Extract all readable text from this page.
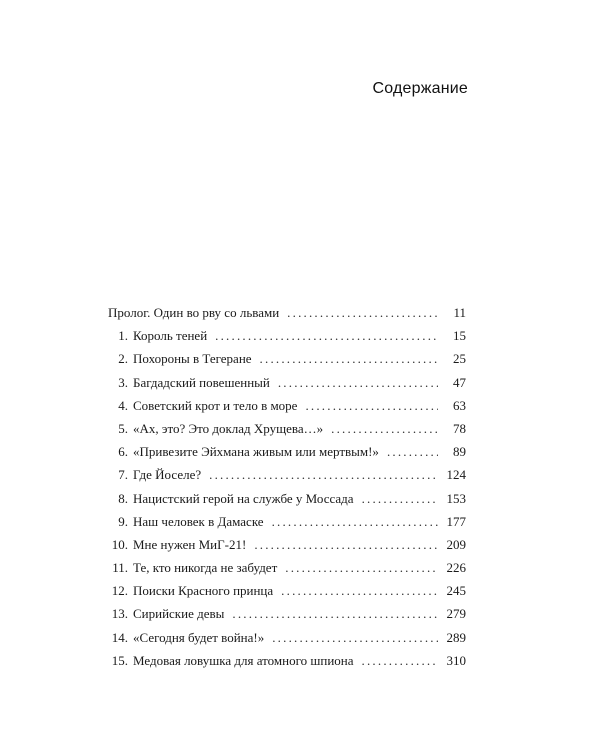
Содержание
Пролог. Один во рву со львами .....	11
1. Король теней .....	15
2. Похороны в Тегеране .....	25
3. Багдадский повешенный .....	47
4. Советский крот и тело в море .....	63
5. «Ах, это? Это доклад Хрущева…» .....	78
6. «Привезите Эйхмана живым или мертвым!» .....	89
7. Где Йоселе? .....	124
8. Нацистский герой на службе у Моссада .....	153
9. Наш человек в Дамаске .....	177
10. Мне нужен МиГ-21! .....	209
11. Те, кто никогда не забудет .....	226
12. Поиски Красного принца .....	245
13. Сирийские девы .....	279
14. «Сегодня будет война!» .....	289
15. Медовая ловушка для атомного шпиона .....	310
